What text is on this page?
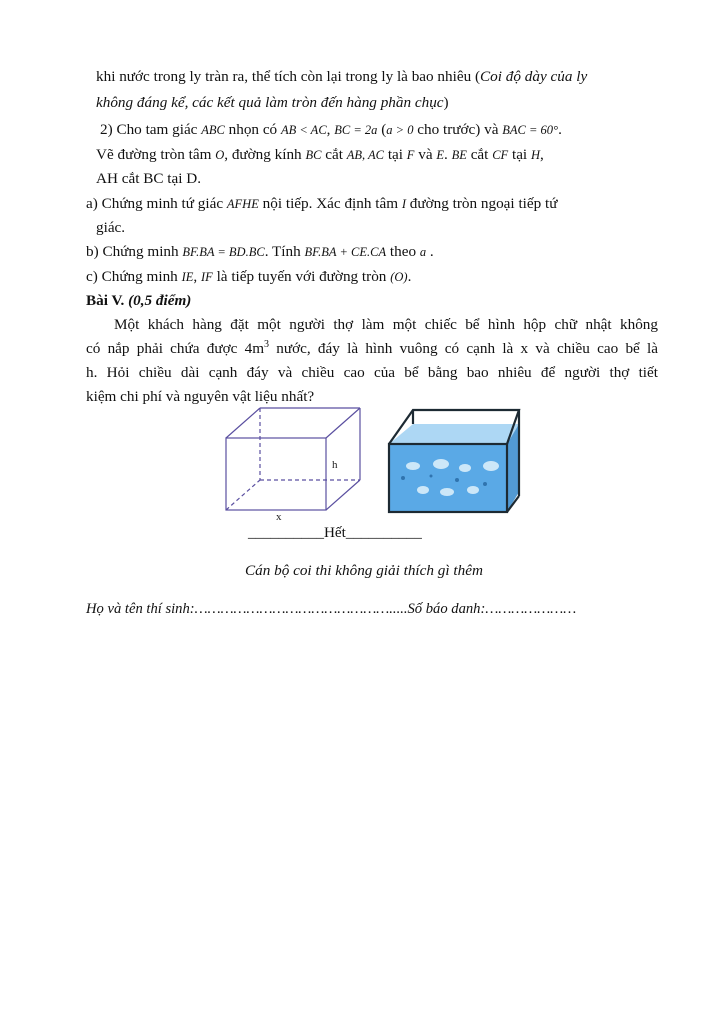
khi nước trong ly tràn ra, thể tích còn lại trong ly là bao nhiêu (Coi độ dày của ly
không đáng kể, các kết quả làm tròn đến hàng phần chục)
2) Cho tam giác ABC nhọn có AB < AC, BC = 2a (a > 0 cho trước) và BAC = 60°.
Vẽ đường tròn tâm O, đường kính BC cắt AB, AC tại F và E. BE cắt CF tại H,
AH cắt BC tại D.
a) Chứng minh tứ giác AFHE nội tiếp. Xác định tâm I đường tròn ngoại tiếp tứ
giác.
b) Chứng minh BF.BA = BD.BC. Tính BF.BA + CE.CA theo a .
c) Chứng minh IE, IF là tiếp tuyến với đường tròn (O).
Bài V. (0,5 điểm)
Một khách hàng đặt một người thợ làm một chiếc bể hình hộp chữ nhật không
có nắp phải chứa được $4m^3$ nước, đáy là hình vuông có cạnh là x và chiều cao bể là
h. Hỏi chiều dài cạnh đáy và chiều cao của bể bằng bao nhiêu để người thợ tiết
kiệm chi phí và nguyên vật liệu nhất?
h
x
__________Hết__________
Cán bộ coi thi không giải thích gì thêm
Họ và tên thí sinh:……………………………………….....Số báo danh:…………………
